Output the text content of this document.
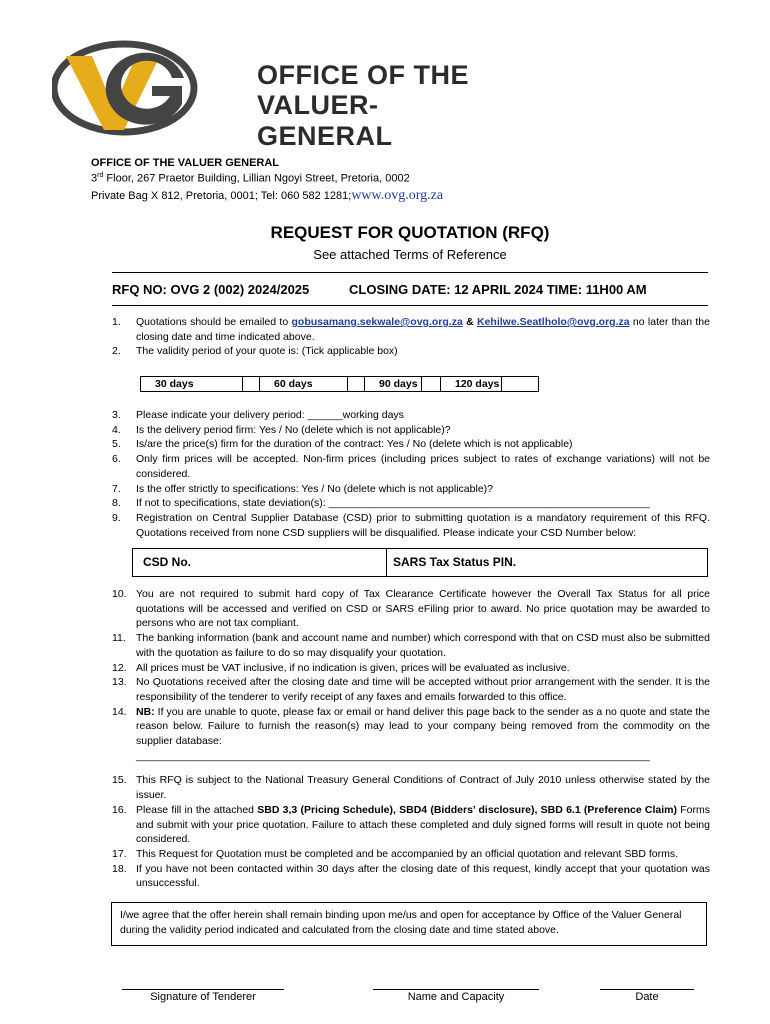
OFFICE OF THE
VALUER-GENERAL
OFFICE OF THE VALUER GENERAL
3rd Floor, 267 Praetor Building, Lillian Ngoyi Street, Pretoria, 0002
Private Bag X 812, Pretoria, 0001; Tel: 060 582 1281;www.ovg.org.za
REQUEST FOR QUOTATION (RFQ)
See attached Terms of Reference
RFQ NO: OVG 2 (002) 2024/2025	CLOSING DATE: 12 APRIL 2024 TIME: 11H00 AM
1. Quotations should be emailed to gobusamang.sekwale@ovg.org.za & Kehilwe.Seatlholo@ovg.org.za no later than the closing date and time indicated above.
2. The validity period of your quote is: (Tick applicable box)
30 days		60 days		90 days		120 days	
3. Please indicate your delivery period: ______working days
4. Is the delivery period firm: Yes / No (delete which is not applicable)?
5. Is/are the price(s) firm for the duration of the contract: Yes / No (delete which is not applicable)
6. Only firm prices will be accepted. Non-firm prices (including prices subject to rates of exchange variations) will not be considered.
7. Is the offer strictly to specifications: Yes / No (delete which is not applicable)?
8. If not to specifications, state deviation(s): _______________________________________________________
9. Registration on Central Supplier Database (CSD) prior to submitting quotation is a mandatory requirement of this RFQ. Quotations received from none CSD suppliers will be disqualified. Please indicate your CSD Number below:
CSD No.	SARS Tax Status PIN.
10. You are not required to submit hard copy of Tax Clearance Certificate however the Overall Tax Status for all price quotations will be accessed and verified on CSD or SARS eFiling prior to award. No price quotation may be awarded to persons who are not tax compliant.
11. The banking information (bank and account name and number) which correspond with that on CSD must also be submitted with the quotation as failure to do so may disqualify your quotation.
12. All prices must be VAT inclusive, if no indication is given, prices will be evaluated as inclusive.
13. No Quotations received after the closing date and time will be accepted without prior arrangement with the sender. It is the responsibility of the tenderer to verify receipt of any faxes and emails forwarded to this office.
14. NB: If you are unable to quote, please fax or email or hand deliver this page back to the sender as a no quote and state the reason below. Failure to furnish the reason(s) may lead to your company being removed from the commodity on the supplier database:
________________________________________________________________________________________
15. This RFQ is subject to the National Treasury General Conditions of Contract of July 2010 unless otherwise stated by the issuer.
16. Please fill in the attached SBD 3,3 (Pricing Schedule), SBD4 (Bidders’ disclosure), SBD 6.1 (Preference Claim) Forms and submit with your price quotation. Failure to attach these completed and duly signed forms will result in quote not being considered.
17. This Request for Quotation must be completed and be accompanied by an official quotation and relevant SBD forms.
18. If you have not been contacted within 30 days after the closing date of this request, kindly accept that your quotation was unsuccessful.
I/we agree that the offer herein shall remain binding upon me/us and open for acceptance by Office of the Valuer General during the validity period indicated and calculated from the closing date and time stated above.
Signature of Tenderer	Name and Capacity	Date
